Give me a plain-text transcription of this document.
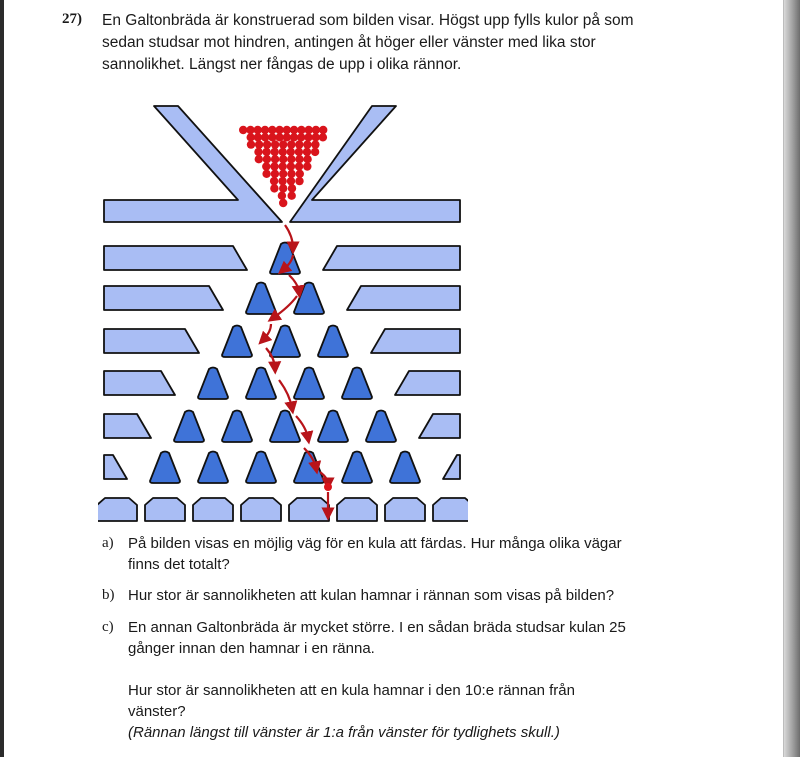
27) En Galtonbräda är konstruerad som bilden visar. Högst upp fylls kulor på som
sedan studsar mot hindren, antingen åt höger eller vänster med lika stor
sannolikhet. Längst ner fångas de upp i olika rännor.
a) På bilden visas en möjlig väg för en kula att färdas. Hur många olika vägar
finns det totalt?
b) Hur stor är sannolikheten att kulan hamnar i rännan som visas på bilden?
c) En annan Galtonbräda är mycket större. I en sådan bräda studsar kulan 25
gånger innan den hamnar i en ränna.
Hur stor är sannolikheten att en kula hamnar i den 10:e rännan från
vänster?
(Rännan längst till vänster är 1:a från vänster för tydlighets skull.)
